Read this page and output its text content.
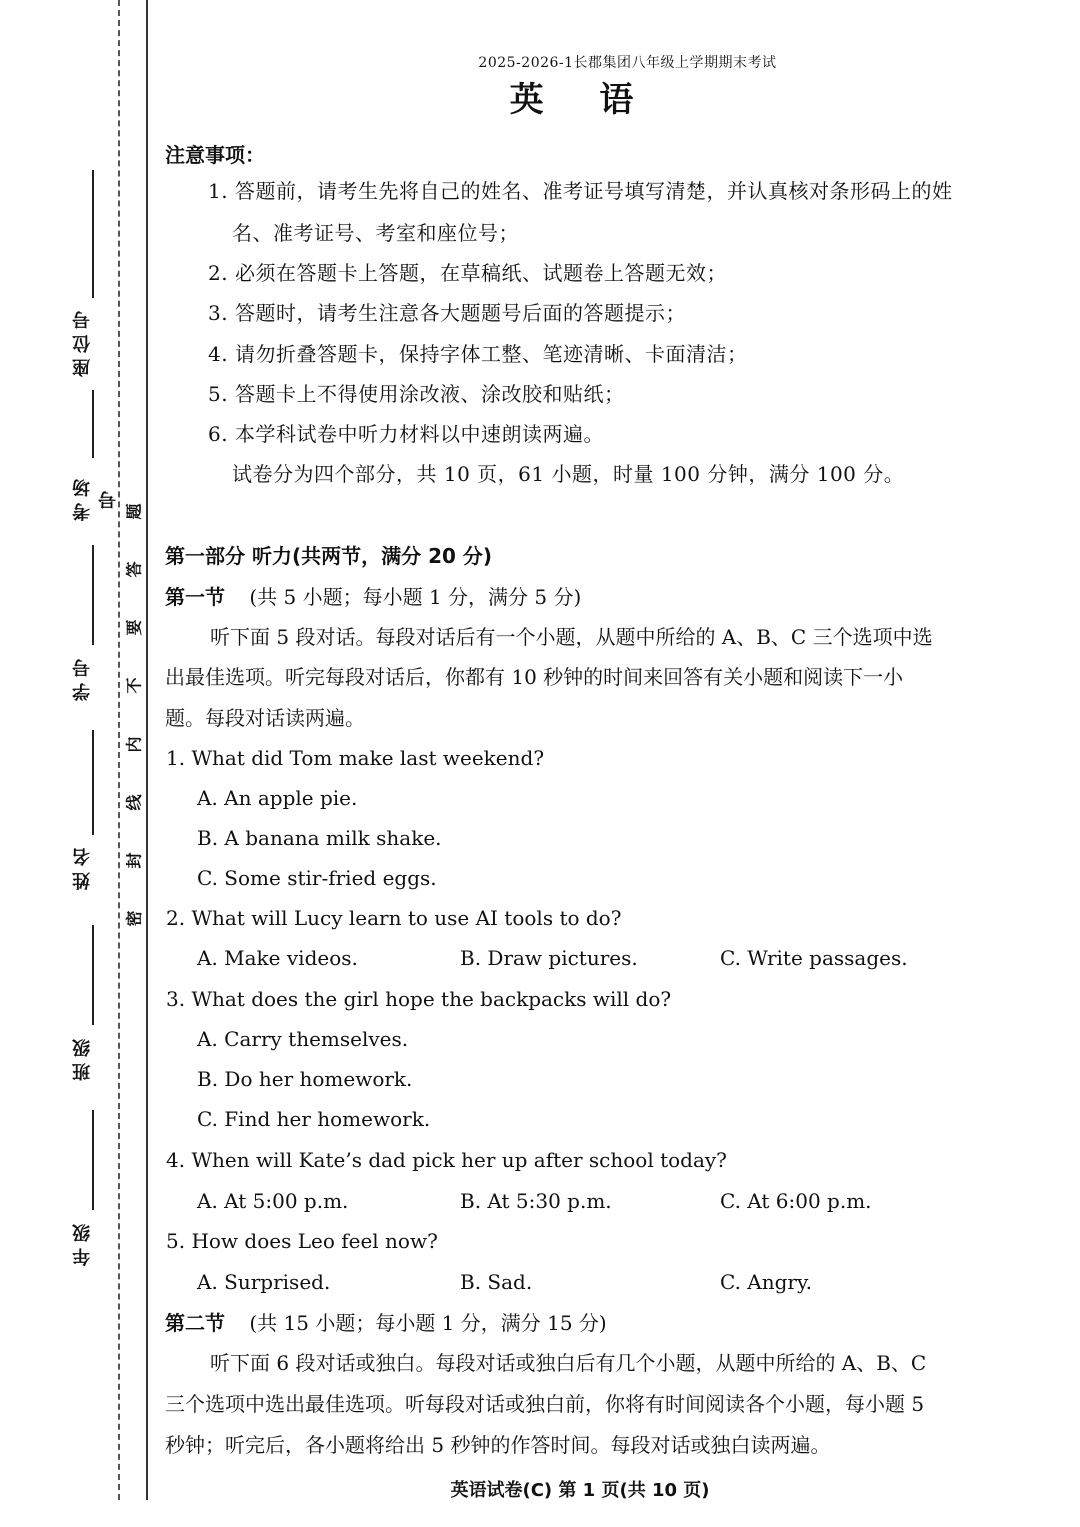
座位号
考场号
学号
姓名
班级
年级
题
答
要
不
内
线
封
密
2025-2026-1长郡集团八年级上学期期末考试
英 语
注意事项：
1. 答题前，请考生先将自己的姓名、准考证号填写清楚，并认真核对条形码上的姓
名、准考证号、考室和座位号；
2. 必须在答题卡上答题，在草稿纸、试题卷上答题无效；
3. 答题时，请考生注意各大题题号后面的答题提示；
4. 请勿折叠答题卡，保持字体工整、笔迹清晰、卡面清洁；
5. 答题卡上不得使用涂改液、涂改胶和贴纸；
6. 本学科试卷中听力材料以中速朗读两遍。
试卷分为四个部分，共 10 页，61 小题，时量 100 分钟，满分 100 分。
第一部分 听力(共两节，满分 20 分)
第一节 (共 5 小题；每小题 1 分，满分 5 分)
听下面 5 段对话。每段对话后有一个小题，从题中所给的 A、B、C 三个选项中选
出最佳选项。听完每段对话后，你都有 10 秒钟的时间来回答有关小题和阅读下一小
题。每段对话读两遍。
1. What did Tom make last weekend?
A. An apple pie.
B. A banana milk shake.
C. Some stir-fried eggs.
2. What will Lucy learn to use AI tools to do?
A. Make videos.	B. Draw pictures.	C. Write passages.
3. What does the girl hope the backpacks will do?
A. Carry themselves.
B. Do her homework.
C. Find her homework.
4. When will Kate’s dad pick her up after school today?
A. At 5:00 p.m.	B. At 5:30 p.m.	C. At 6:00 p.m.
5. How does Leo feel now?
A. Surprised.	B. Sad.	C. Angry.
第二节 (共 15 小题；每小题 1 分，满分 15 分)
听下面 6 段对话或独白。每段对话或独白后有几个小题，从题中所给的 A、B、C
三个选项中选出最佳选项。听每段对话或独白前，你将有时间阅读各个小题，每小题 5
秒钟；听完后，各小题将给出 5 秒钟的作答时间。每段对话或独白读两遍。
英语试卷(C) 第 1 页(共 10 页)
